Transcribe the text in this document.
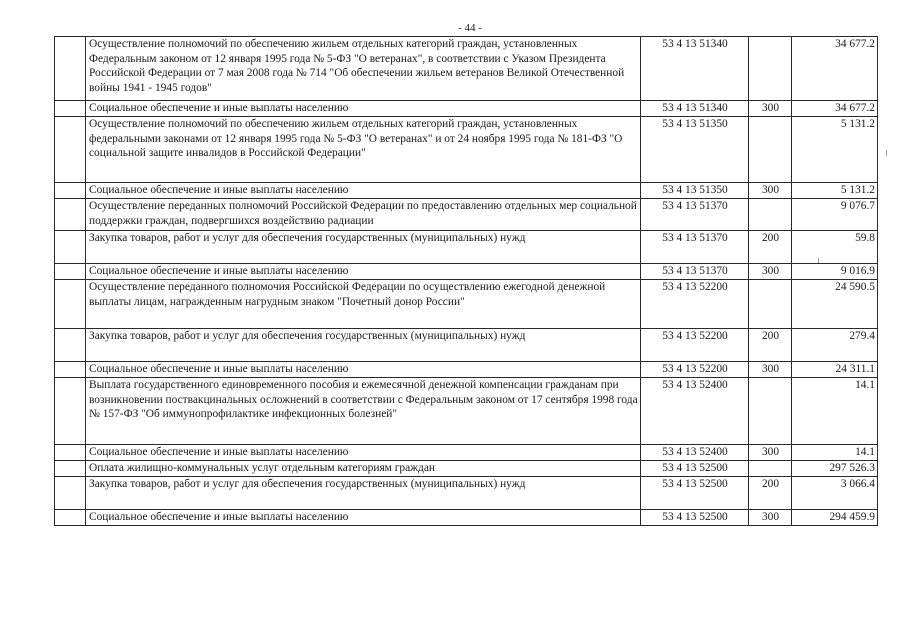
- 44 -
	Осуществление полномочий по обеспечению жильем отдельных категорий граждан, установленных Федеральным законом от 12 января 1995 года № 5-ФЗ "О ветеранах", в соответствии с Указом Президента Российской Федерации от 7 мая 2008 года № 714 "Об обеспечении жильем ветеранов Великой Отечественной войны 1941 - 1945 годов"	53 4 13 51340		34 677.2
	Социальное обеспечение и иные выплаты населению	53 4 13 51340	300	34 677.2
	Осуществление полномочий по обеспечению жильем отдельных категорий граждан, установленных федеральными законами от 12 января 1995 года № 5-ФЗ "О ветеранах" и от 24 ноября 1995 года № 181-ФЗ "О социальной защите инвалидов в Российской Федерации"	53 4 13 51350		5 131.2
	Социальное обеспечение и иные выплаты населению	53 4 13 51350	300	5 131.2
	Осуществление переданных полномочий Российской Федерации по предоставлению отдельных мер социальной поддержки граждан, подвергшихся воздействию радиации	53 4 13 51370		9 076.7
	Закупка товаров, работ и услуг для обеспечения государственных (муниципальных) нужд	53 4 13 51370	200	59.8
	Социальное обеспечение и иные выплаты населению	53 4 13 51370	300	9 016.9
	Осуществление переданного полномочия Российской Федерации по осуществлению ежегодной денежной выплаты лицам, награжденным нагрудным знаком "Почетный донор России"	53 4 13 52200		24 590.5
	Закупка товаров, работ и услуг для обеспечения государственных (муниципальных) нужд	53 4 13 52200	200	279.4
	Социальное обеспечение и иные выплаты населению	53 4 13 52200	300	24 311.1
	Выплата государственного единовременного пособия и ежемесячной денежной компенсации гражданам при возникновении поствакцинальных осложнений в соответствии с Федеральным законом от 17 сентября 1998 года № 157-ФЗ "Об иммунопрофилактике инфекционных болезней"	53 4 13 52400		14.1
	Социальное обеспечение и иные выплаты населению	53 4 13 52400	300	14.1
	Оплата жилищно-коммунальных услуг отдельным категориям граждан	53 4 13 52500		297 526.3
	Закупка товаров, работ и услуг для обеспечения государственных (муниципальных) нужд	53 4 13 52500	200	3 066.4
	Социальное обеспечение и иные выплаты населению	53 4 13 52500	300	294 459.9
